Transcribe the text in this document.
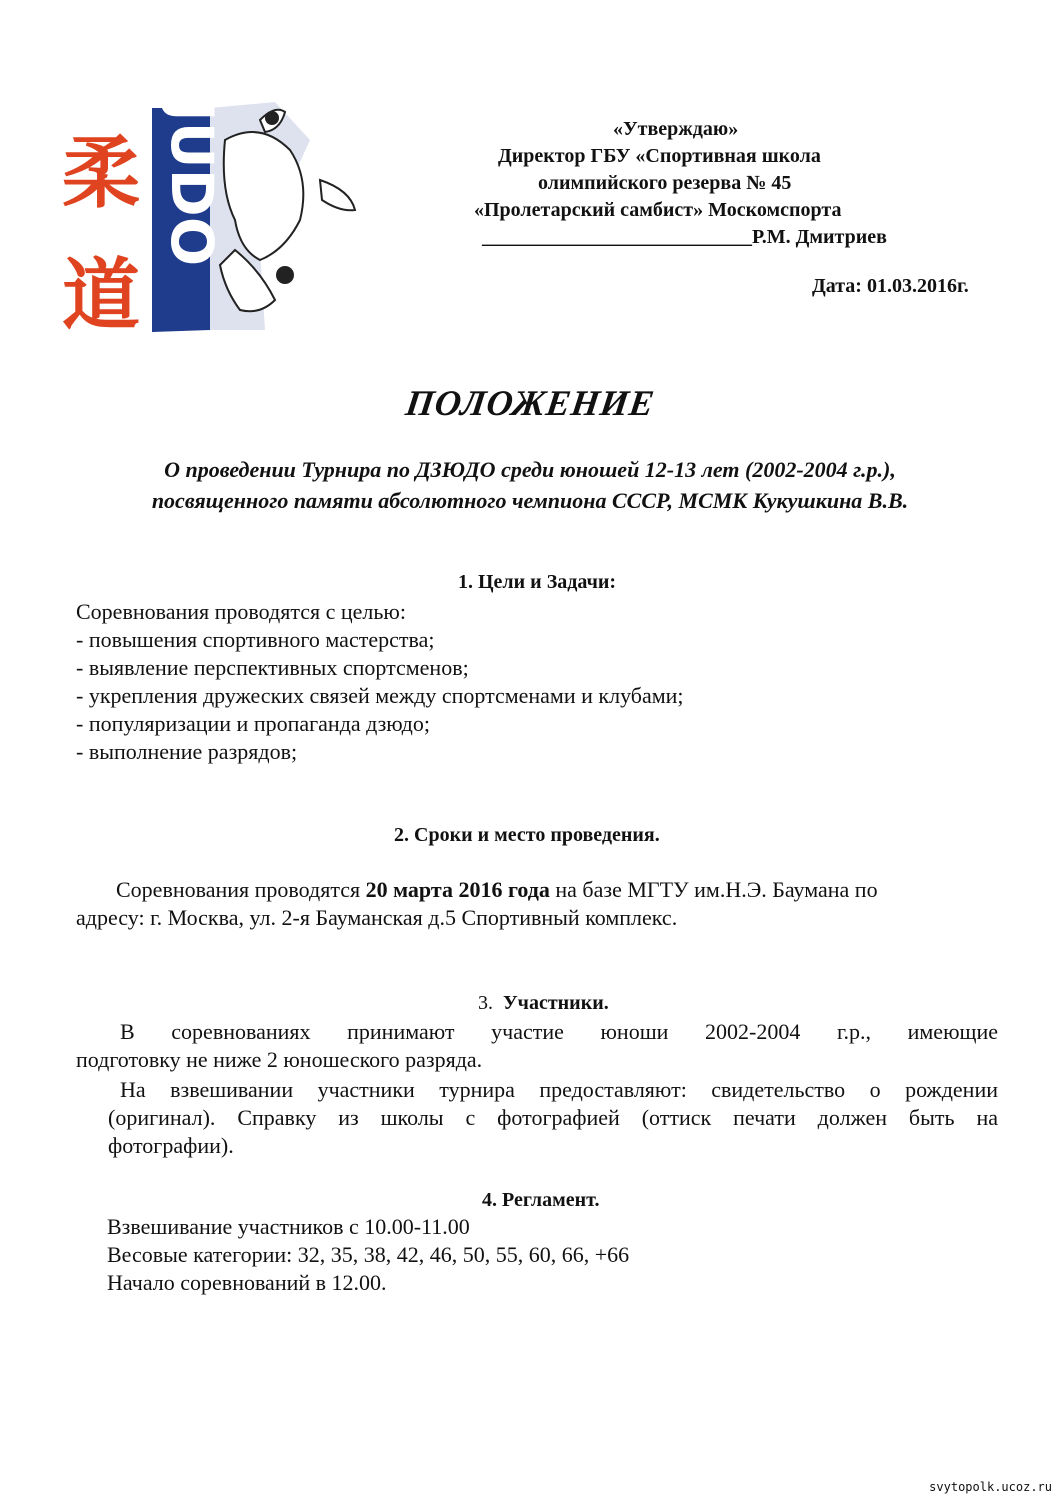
JUDO
柔
道
«Утверждаю»
Директор ГБУ «Спортивная школа
олимпийского резерва № 45
«Пролетарский самбист» Москомспорта
___________________________Р.М. Дмитриев
Дата: 01.03.2016г.
ПОЛОЖЕНИЕ
О проведении Турнира по ДЗЮДО среди юношей 12-13 лет (2002-2004 г.р.),
посвященного памяти абсолютного чемпиона СССР, МСМК Кукушкина В.В.
1. Цели и Задачи:
Соревнования проводятся с целью:
- повышения спортивного мастерства;
- выявление перспективных спортсменов;
- укрепления дружеских связей между спортсменами и клубами;
- популяризации и пропаганда дзюдо;
- выполнение разрядов;
2. Сроки и место проведения.
Соревнования проводятся 20 марта 2016 года на базе МГТУ им.Н.Э. Баумана по
адресу: г. Москва, ул. 2-я Бауманская д.5 Спортивный комплекс.
3. Участники.
В соревнованиях принимают участие юноши 2002-2004 г.р., имеющие
подготовку не ниже 2 юношеского разряда.
На взвешивании участники турнира предоставляют: свидетельство о рождении
(оригинал). Справку из школы с фотографией (оттиск печати должен быть на
фотографии).
4. Регламент.
Взвешивание участников с 10.00-11.00
Весовые категории: 32, 35, 38, 42, 46, 50, 55, 60, 66, +66
Начало соревнований в 12.00.
svytopolk.ucoz.ru
